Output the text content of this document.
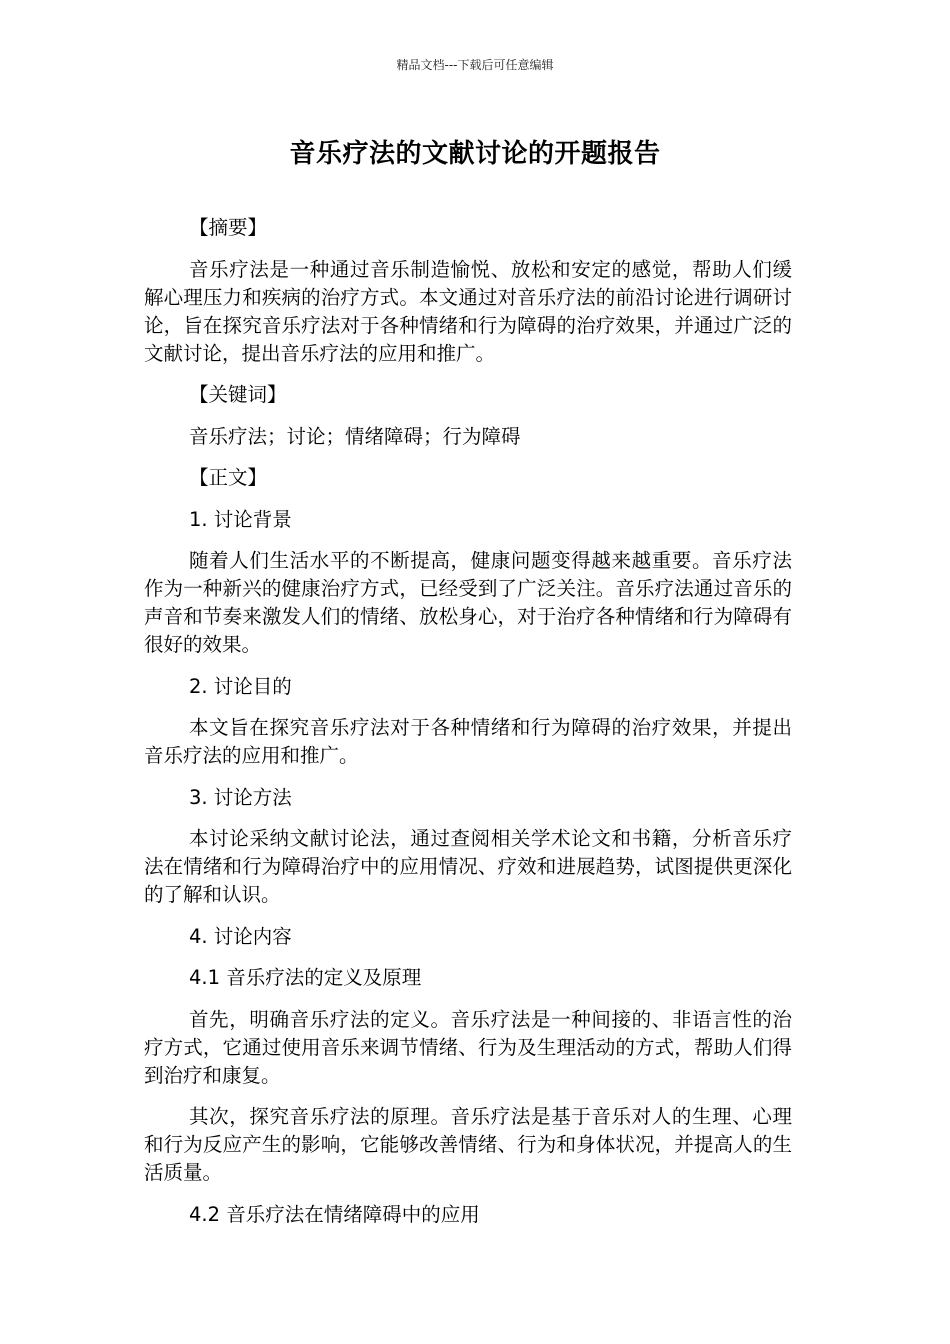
精品文档---下载后可任意编辑
音乐疗法的文献讨论的开题报告

【摘要】

音乐疗法是一种通过音乐制造愉悦、放松和安定的感觉，帮助人们缓解心理压力和疾病的治疗方式。本文通过对音乐疗法的前沿讨论进行调研讨论，旨在探究音乐疗法对于各种情绪和行为障碍的治疗效果，并通过广泛的文献讨论，提出音乐疗法的应用和推广。

【关键词】

音乐疗法；讨论；情绪障碍；行为障碍

【正文】

1. 讨论背景

随着人们生活水平的不断提高，健康问题变得越来越重要。音乐疗法作为一种新兴的健康治疗方式，已经受到了广泛关注。音乐疗法通过音乐的声音和节奏来激发人们的情绪、放松身心，对于治疗各种情绪和行为障碍有很好的效果。

2. 讨论目的

本文旨在探究音乐疗法对于各种情绪和行为障碍的治疗效果，并提出音乐疗法的应用和推广。

3. 讨论方法

本讨论采纳文献讨论法，通过查阅相关学术论文和书籍，分析音乐疗法在情绪和行为障碍治疗中的应用情况、疗效和进展趋势，试图提供更深化的了解和认识。

4. 讨论内容

4.1 音乐疗法的定义及原理

首先，明确音乐疗法的定义。音乐疗法是一种间接的、非语言性的治疗方式，它通过使用音乐来调节情绪、行为及生理活动的方式，帮助人们得到治疗和康复。

其次，探究音乐疗法的原理。音乐疗法是基于音乐对人的生理、心理和行为反应产生的影响，它能够改善情绪、行为和身体状况，并提高人的生活质量。

4.2 音乐疗法在情绪障碍中的应用
